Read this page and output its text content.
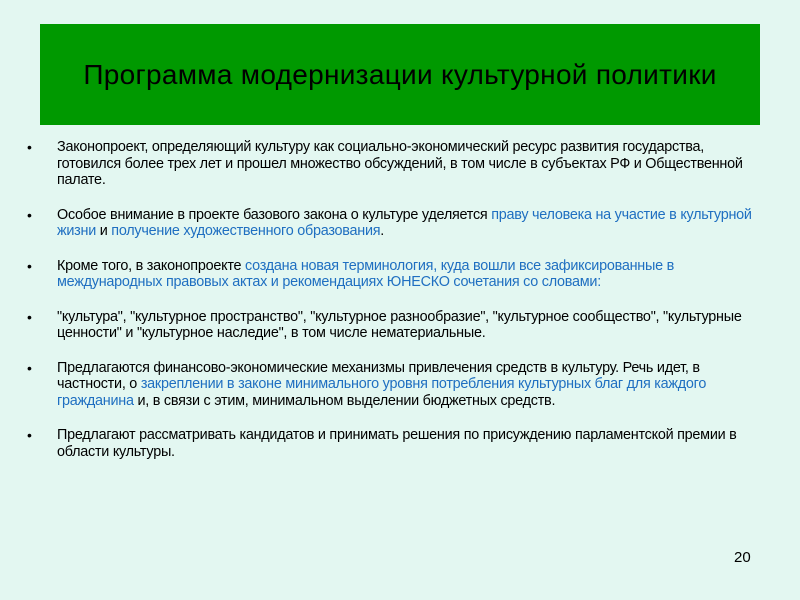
Программа модернизации культурной политики
•	Законопроект, определяющий культуру как социально-экономический ресурс развития государства, готовился более трех лет и прошел множество обсуждений, в том числе в субъектах РФ и Общественной палате.
•	Особое внимание в проекте базового закона о культуре уделяется праву человека на участие в культурной жизни и получение художественного образования.
•	Кроме того, в законопроекте создана новая терминология, куда вошли все зафиксированные в международных правовых актах и рекомендациях ЮНЕСКО сочетания со словами:
•	"культура", "культурное пространство", "культурное разнообразие", "культурное сообщество", "культурные ценности" и "культурное наследие", в том числе нематериальные.
•	Предлагаются финансово-экономические механизмы привлечения средств в культуру. Речь идет, в частности, о закреплении в законе минимального уровня потребления культурных благ для каждого гражданина и, в связи с этим, минимальном выделении бюджетных средств.
•	Предлагают рассматривать кандидатов и принимать решения по присуждению парламентской премии в области культуры.
20
